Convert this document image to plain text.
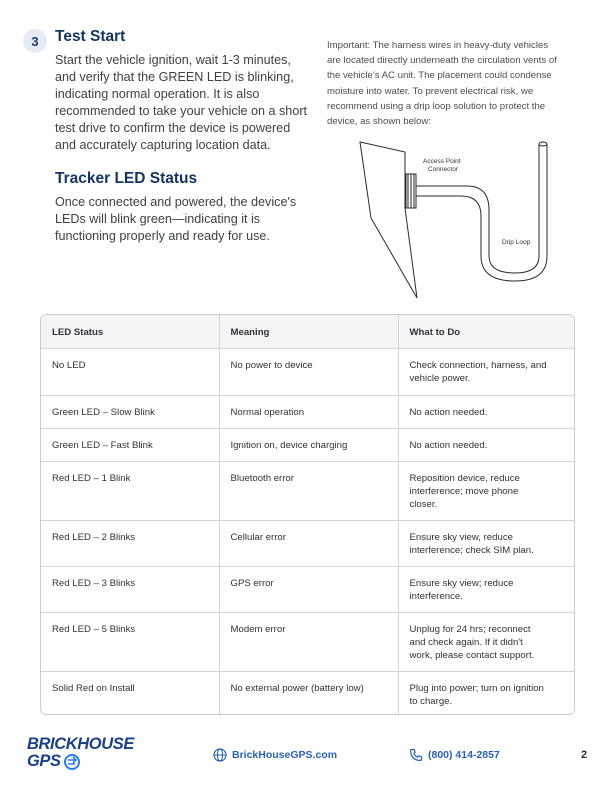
3	Test Start
Start the vehicle ignition, wait 1-3 minutes,
and verify that the GREEN LED is blinking,
indicating normal operation. It is also
recommended to take your vehicle on a short
test drive to confirm the device is powered
and accurately capturing location data.
Tracker LED Status
Once connected and powered, the device's
LEDs will blink green—indicating it is
functioning properly and ready for use.
Important: The harness wires in heavy-duty vehicles
are located directly underneath the circulation vents of
the vehicle's AC unit. The placement could condense
moisture into water. To prevent electrical risk, we
recommend using a drip loop solution to protect the
device, as shown below:
Access Point
Connector
Drip Loop
LED Status	Meaning	What to Do
No LED	No power to device	Check connection, harness, and
vehicle power.

Green LED – Slow Blink	Normal operation	No action needed.

Green LED – Fast Blink	Ignition on, device charging	No action needed.

Red LED – 1 Blink	Bluetooth error	Reposition device, reduce
interference; move phone
closer.

Red LED – 2 Blinks	Cellular error	Ensure sky view, reduce
interference; check SIM plan.

Red LED – 3 Blinks	GPS error	Ensure sky view; reduce
interference.

Red LED – 5 Blinks	Modem error	Unplug for 24 hrs; reconnect
and check again. If it didn't
work, please contact support.

Solid Red on Install	No external power (battery low)	Plug into power; turn on ignition
to charge.
BRICKHOUSE
GPS	BrickHouseGPS.com	(800) 414-2857	2
